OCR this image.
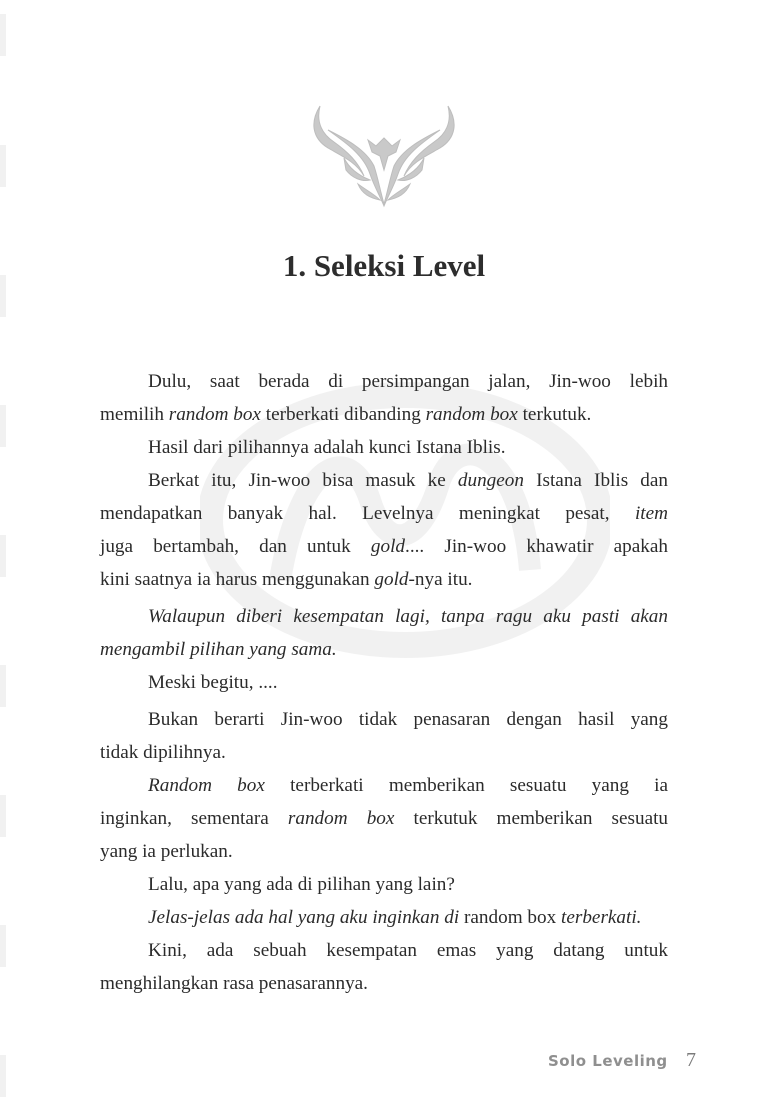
1. Seleksi Level
Dulu, saat berada di persimpangan jalan, Jin-woo lebih
memilih random box terberkati dibanding random box terkutuk.
Hasil dari pilihannya adalah kunci Istana Iblis.
Berkat itu, Jin-woo bisa masuk ke dungeon Istana Iblis dan
mendapatkan banyak hal. Levelnya meningkat pesat, item
juga bertambah, dan untuk gold.... Jin-woo khawatir apakah
kini saatnya ia harus menggunakan gold-nya itu.
Walaupun diberi kesempatan lagi, tanpa ragu aku pasti akan
mengambil pilihan yang sama.
Meski begitu, ....
Bukan berarti Jin-woo tidak penasaran dengan hasil yang
tidak dipilihnya.
Random box terberkati memberikan sesuatu yang ia
inginkan, sementara random box terkutuk memberikan sesuatu
yang ia perlukan.
Lalu, apa yang ada di pilihan yang lain?
Jelas-jelas ada hal yang aku inginkan di random box terberkati.
Kini, ada sebuah kesempatan emas yang datang untuk
menghilangkan rasa penasarannya.
Solo Leveling 7
